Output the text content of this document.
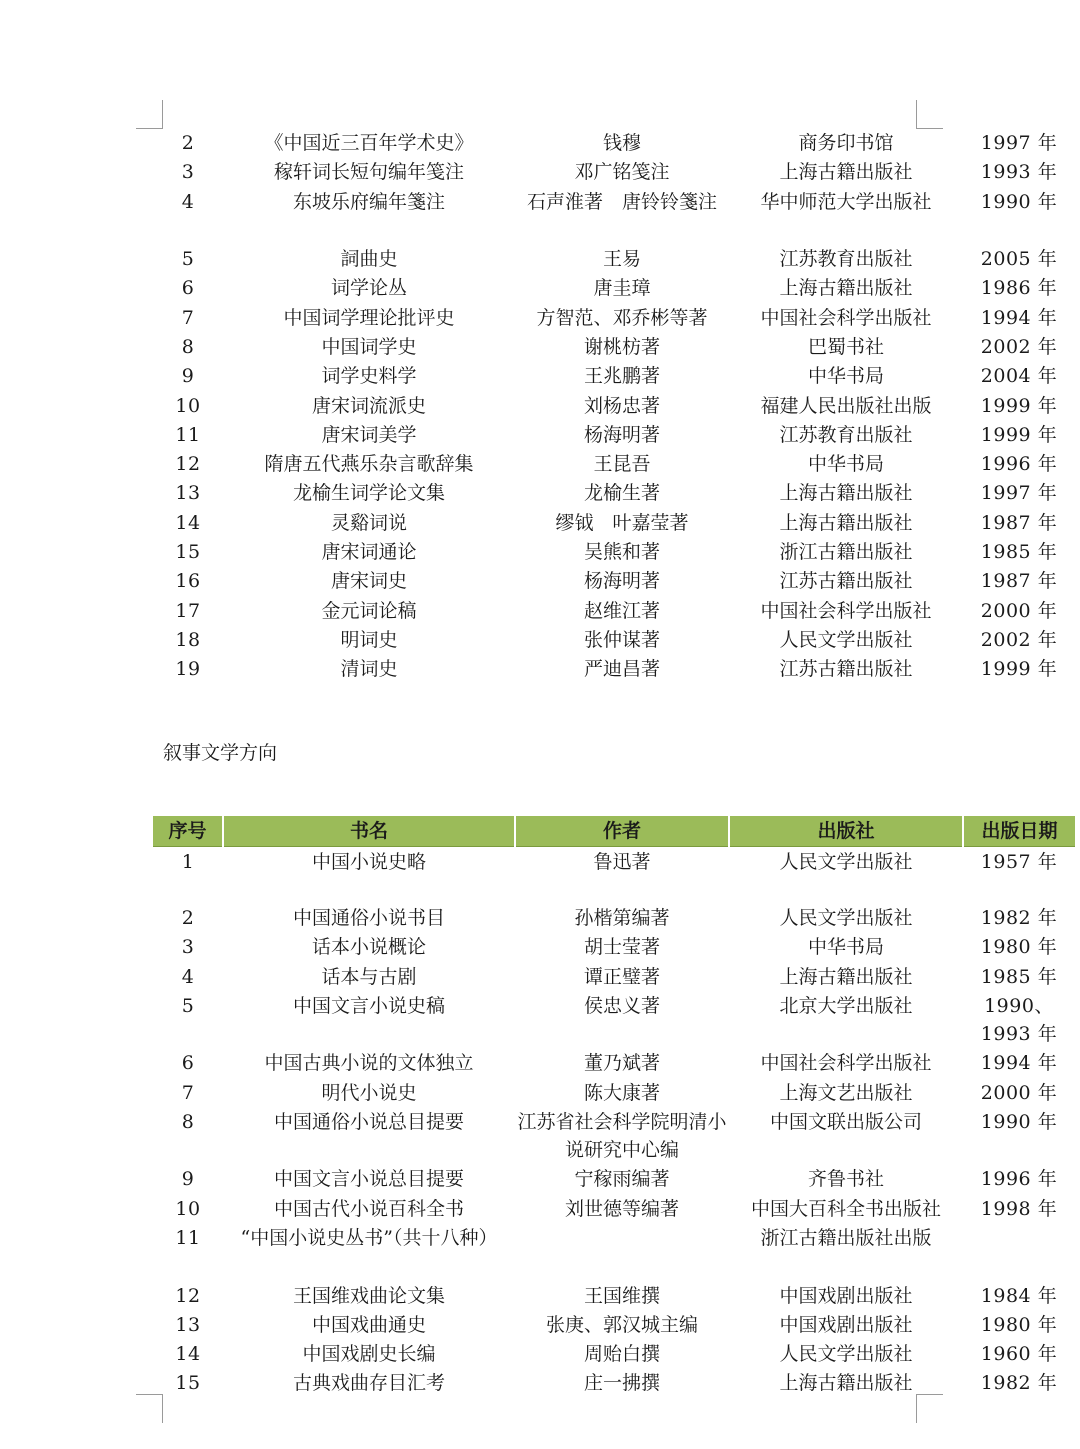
2	《中国近三百年学术史》	钱穆	商务印书馆	1997 年
3	稼轩词长短句编年笺注	邓广铭笺注	上海古籍出版社	1993 年
4	东坡乐府编年箋注	石声淮著　唐铃铃箋注	华中师范大学出版社	1990 年
5	詞曲史	王易	江苏教育出版社	2005 年
6	词学论丛	唐圭璋	上海古籍出版社	1986 年
7	中国词学理论批评史	方智范、邓乔彬等著	中国社会科学出版社	1994 年
8	中国词学史	谢桃枋著	巴蜀书社	2002 年
9	词学史料学	王兆鹏著	中华书局	2004 年
10	唐宋词流派史	刘杨忠著	福建人民出版社出版	1999 年
11	唐宋词美学	杨海明著	江苏教育出版社	1999 年
12	隋唐五代燕乐杂言歌辞集	王昆吾	中华书局	1996 年
13	龙榆生词学论文集	龙榆生著	上海古籍出版社	1997 年
14	灵谿词说	缪钺　叶嘉莹著	上海古籍出版社	1987 年
15	唐宋词通论	吴熊和著	浙江古籍出版社	1985 年
16	唐宋词史	杨海明著	江苏古籍出版社	1987 年
17	金元词论稿	赵维江著	中国社会科学出版社	2000 年
18	明词史	张仲谋著	人民文学出版社	2002 年
19	清词史	严迪昌著	江苏古籍出版社	1999 年
叙事文学方向
序号	书名	作者	出版社	出版日期
1	中国小说史略	鲁迅著	人民文学出版社	1957 年
2	中国通俗小说书目	孙楷第编著	人民文学出版社	1982 年
3	话本小说概论	胡士莹著	中华书局	1980 年
4	话本与古剧	谭正璧著	上海古籍出版社	1985 年
5	中国文言小说史稿	侯忠义著	北京大学出版社	1990、1993 年
6	中国古典小说的文体独立	董乃斌著	中国社会科学出版社	1994 年
7	明代小说史	陈大康著	上海文艺出版社	2000 年
8	中国通俗小说总目提要	江苏省社会科学院明清小说研究中心编	中国文联出版公司	1990 年
9	中国文言小说总目提要	宁稼雨编著	齐鲁书社	1996 年
10	中国古代小说百科全书	刘世德等编著	中国大百科全书出版社	1998 年
11	“中国小说史丛书”（共十八种）		浙江古籍出版社出版	
12	王国维戏曲论文集	王国维撰	中国戏剧出版社	1984 年
13	中国戏曲通史	张庚、郭汉城主编	中国戏剧出版社	1980 年
14	中国戏剧史长编	周贻白撰	人民文学出版社	1960 年
15	古典戏曲存目汇考	庄一拂撰	上海古籍出版社	1982 年
